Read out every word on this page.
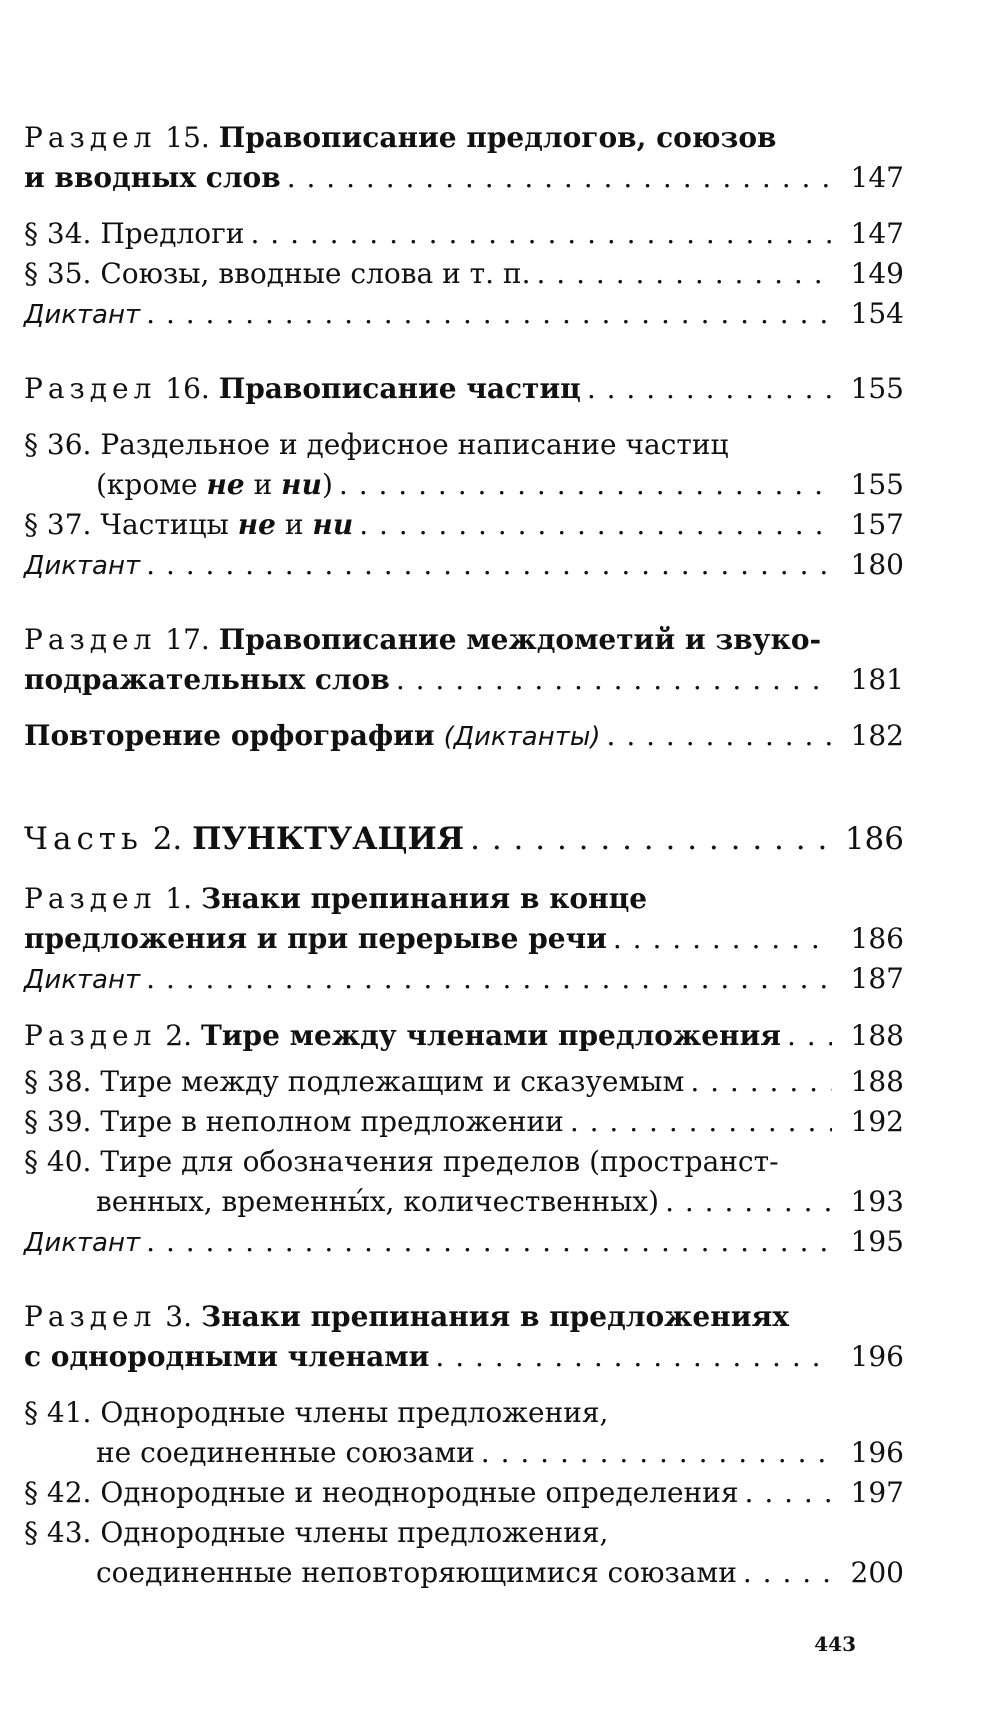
Раздел 15. Правописание предлогов, союзов
и вводных слов . . .	147
§ 34. Предлоги . . .	147
§ 35. Союзы, вводные слова и т. п. . . .	149
Диктант . . .	154
Раздел 16. Правописание частиц . . .	155
§ 36. Раздельное и дефисное написание частиц
(кроме не и ни) . . .	155
§ 37. Частицы не и ни . . .	157
Диктант . . .	180
Раздел 17. Правописание междометий и звуко-
подражательных слов . . .	181
Повторение орфографии (Диктанты) . . .	182
Часть 2. ПУНКТУАЦИЯ . . .	186
Раздел 1. Знаки препинания в конце
предложения и при перерыве речи . . .	186
Диктант . . .	187
Раздел 2. Тире между членами предложения . . .	188
§ 38. Тире между подлежащим и сказуемым . . .	188
§ 39. Тире в неполном предложении . . .	192
§ 40. Тире для обозначения пределов (пространст-
венных, временны́х, количественных) . . .	193
Диктант . . .	195
Раздел 3. Знаки препинания в предложениях
с однородными членами . . .	196
§ 41. Однородные члены предложения,
не соединенные союзами . . .	196
§ 42. Однородные и неоднородные определения . . .	197
§ 43. Однородные члены предложения,
соединенные неповторяющимися союзами . . .	200
443
